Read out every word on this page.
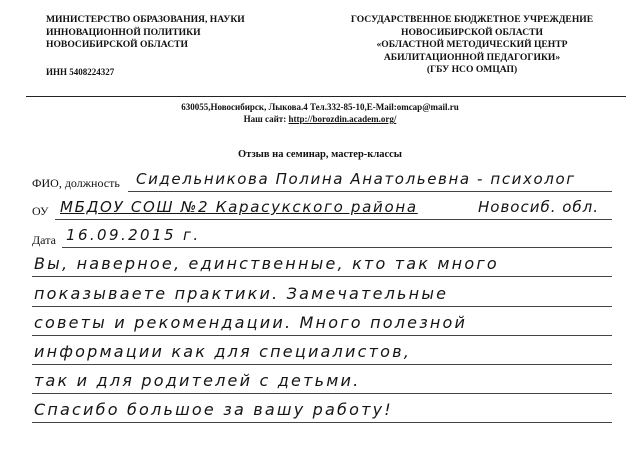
МИНИСТЕРСТВО ОБРАЗОВАНИЯ, НАУКИ
ИННОВАЦИОННОЙ ПОЛИТИКИ
НОВОСИБИРСКОЙ ОБЛАСТИ
ИНН 5408224327
ГОСУДАРСТВЕННОЕ БЮДЖЕТНОЕ УЧРЕЖДЕНИЕ
НОВОСИБИРСКОЙ ОБЛАСТИ
«ОБЛАСТНОЙ МЕТОДИЧЕСКИЙ ЦЕНТР
АБИЛИТАЦИОННОЙ ПЕДАГОГИКИ»
(ГБУ НСО ОМЦАП)
630055,Новосибирск, Лыкова.4 Тел.332-85-10,E-Mail:omcap@mail.ru
Наш сайт: http://borozdin.academ.org/
Отзыв на семинар, мастер-классы
ФИО, должность Сидельникова Полина Анатольевна - психолог
ОУ МБДОУ СОШ №2 Карасукского района	Новосиб. обл.
Дата 16.09.2015 г.
Вы, наверное, единственные, кто так много
показываете практики. Замечательные
советы и рекомендации. Много полезной
информации как для специалистов,
так и для родителей с детьми.
Спасибо большое за вашу работу!
